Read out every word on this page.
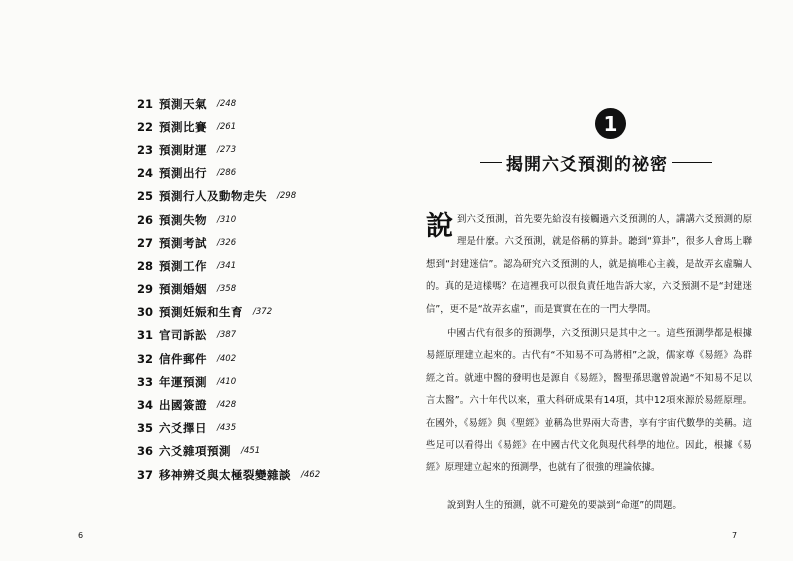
21 預測天氣 /248
22 預測比賽 /261
23 預測財運 /273
24 預測出行 /286
25 預測行人及動物走失 /298
26 預測失物 /310
27 預測考試 /326
28 預測工作 /341
29 預測婚姻 /358
30 預測妊娠和生育 /372
31 官司訴訟 /387
32 信件郵件 /402
33 年運預測 /410
34 出國簽證 /428
35 六爻擇日 /435
36 六爻雜項預測 /451
37 移神辨爻與太極裂變雜談 /462
6
1
揭開六爻預測的祕密
說到六爻預測，首先要先給沒有接觸過六爻預測的人，講講六爻預測的原理是什麼。六爻預測，就是俗稱的算卦。聽到“算卦”，很多人會馬上聯想到“封建迷信”。認為研究六爻預測的人，就是搞唯心主義，是故弄玄虛騙人的。真的是這樣嗎？在這裡我可以很負責任地告訴大家，六爻預測不是“封建迷信”，更不是“故弄玄虛”，而是實實在在的一門大學問。
中國古代有很多的預測學，六爻預測只是其中之一。這些預測學都是根據易經原理建立起來的。古代有“不知易不可為將相”之說，儒家尊《易經》為群經之首。就連中醫的發明也是源自《易經》，醫聖孫思邈曾說過“不知易不足以言太醫”。六十年代以來，重大科研成果有14項，其中12項來源於易經原理。在國外，《易經》與《聖經》並稱為世界兩大奇書，享有宇宙代數學的美稱。這些足可以看得出《易經》在中國古代文化與現代科學的地位。因此，根據《易經》原理建立起來的預測學，也就有了很強的理論依據。
說到對人生的預測，就不可避免的要談到“命運”的問題。
7
